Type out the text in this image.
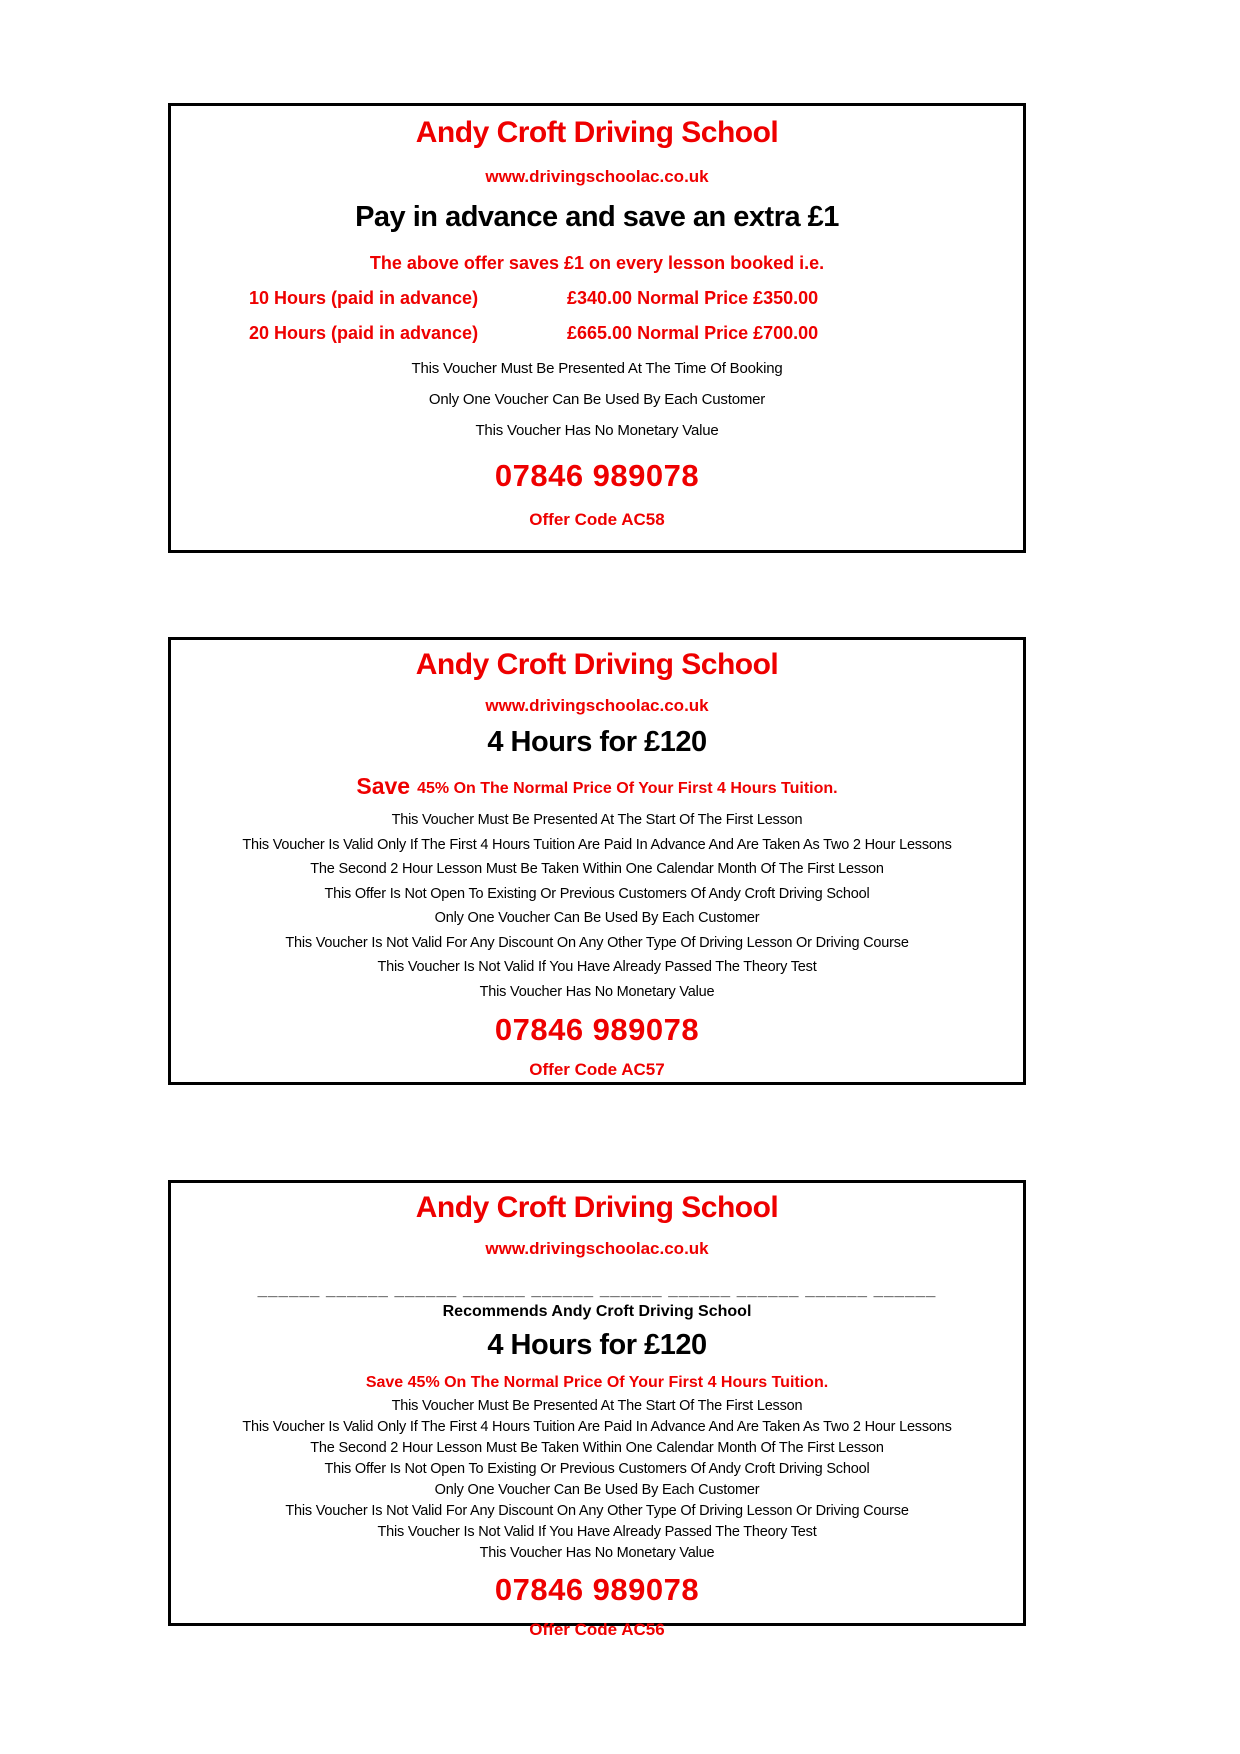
Andy Croft Driving School
www.drivingschoolac.co.uk
Pay in advance and save an extra £1
The above offer saves £1 on every lesson booked i.e.
10 Hours (paid in advance)	£340.00 Normal Price £350.00
20 Hours (paid in advance)	£665.00 Normal Price £700.00
This Voucher Must Be Presented At The Time Of Booking
Only One Voucher Can Be Used By Each Customer
This Voucher Has No Monetary Value
07846 989078
Offer Code AC58
Andy Croft Driving School
www.drivingschoolac.co.uk
4 Hours for £120
Save 45% On The Normal Price Of Your First 4 Hours Tuition.
This Voucher Must Be Presented At The Start Of The First Lesson
This Voucher Is Valid Only If The First 4 Hours Tuition Are Paid In Advance And Are Taken As Two 2 Hour Lessons
The Second 2 Hour Lesson Must Be Taken Within One Calendar Month Of The First Lesson
This Offer Is Not Open To Existing Or Previous Customers Of Andy Croft Driving School
Only One Voucher Can Be Used By Each Customer
This Voucher Is Not Valid For Any Discount On Any Other Type Of Driving Lesson Or Driving Course
This Voucher Is Not Valid If You Have Already Passed The Theory Test
This Voucher Has No Monetary Value
07846 989078
Offer Code AC57
Andy Croft Driving School
www.drivingschoolac.co.uk
______ ______ ______ ______ ______ ______ ______ ______ ______ ______
Recommends Andy Croft Driving School
4 Hours for £120
Save 45% On The Normal Price Of Your First 4 Hours Tuition.
This Voucher Must Be Presented At The Start Of The First Lesson
This Voucher Is Valid Only If The First 4 Hours Tuition Are Paid In Advance And Are Taken As Two 2 Hour Lessons
The Second 2 Hour Lesson Must Be Taken Within One Calendar Month Of The First Lesson
This Offer Is Not Open To Existing Or Previous Customers Of Andy Croft Driving School
Only One Voucher Can Be Used By Each Customer
This Voucher Is Not Valid For Any Discount On Any Other Type Of Driving Lesson Or Driving Course
This Voucher Is Not Valid If You Have Already Passed The Theory Test
This Voucher Has No Monetary Value
07846 989078
Offer Code AC56
